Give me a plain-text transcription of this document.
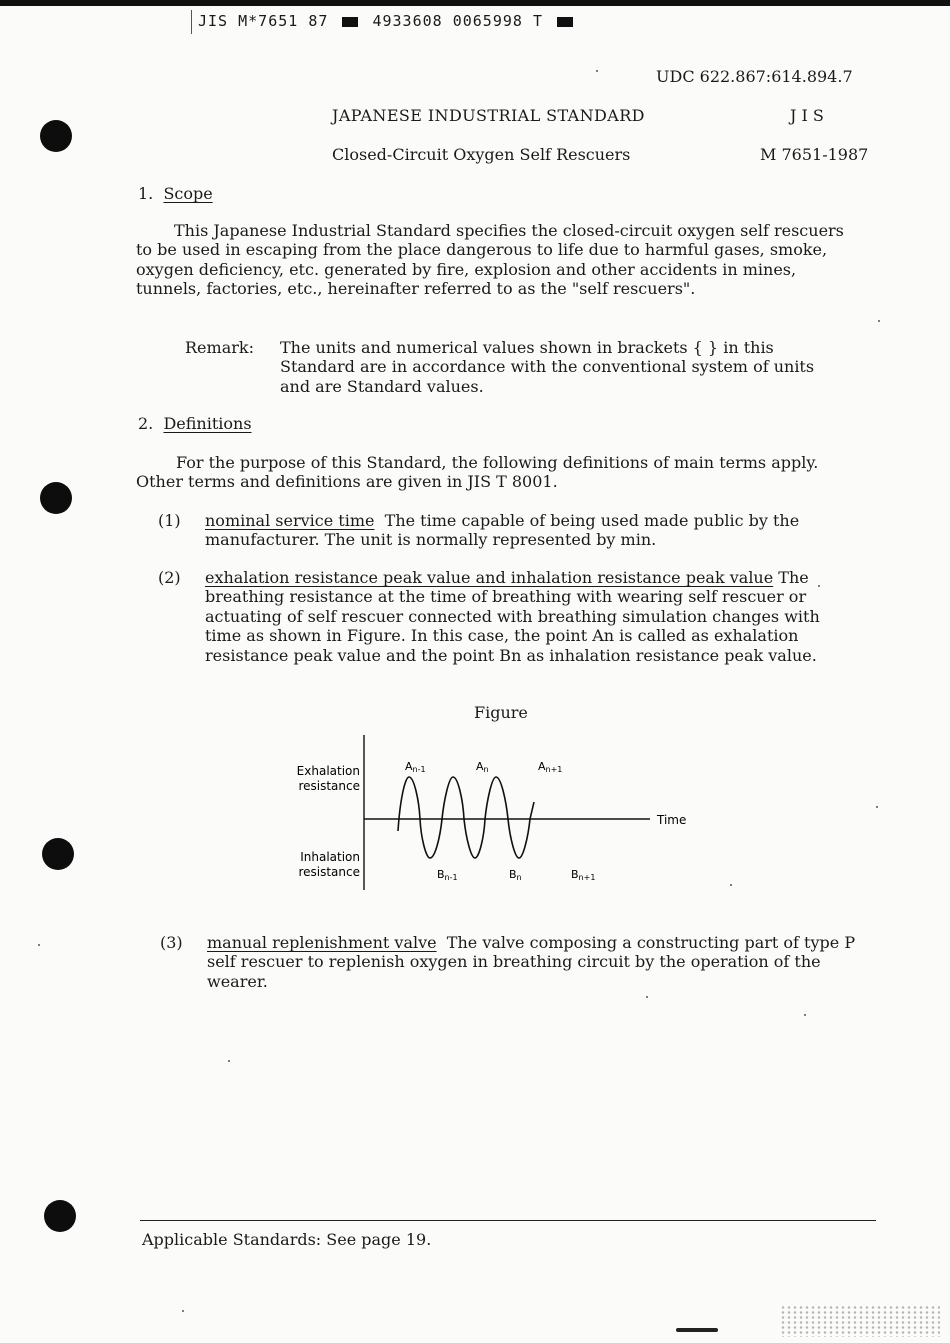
JIS M*7651 87	4933608 0065998 T
UDC 622.867:614.894.7
JAPANESE INDUSTRIAL STANDARD	J I S
Closed-Circuit Oxygen Self Rescuers	M 7651-1987
1. Scope

This Japanese Industrial Standard specifies the closed-circuit oxygen self rescuers to be used in escaping from the place dangerous to life due to harmful gases, smoke, oxygen deficiency, etc. generated by fire, explosion and other accidents in mines, tunnels, factories, etc., hereinafter referred to as the "self rescuers".

Remark: The units and numerical values shown in brackets { } in this Standard are in accordance with the conventional system of units and are Standard values.

2. Definitions

For the purpose of this Standard, the following definitions of main terms apply. Other terms and definitions are given in JIS T 8001.

(1) nominal service time The time capable of being used made public by the manufacturer. The unit is normally represented by min.

(2) exhalation resistance peak value and inhalation resistance peak value The breathing resistance at the time of breathing with wearing self rescuer or actuating of self rescuer connected with breathing simulation changes with time as shown in Figure. In this case, the point An is called as exhalation resistance peak value and the point Bn as inhalation resistance peak value.

Figure
Exhalation
resistance
Inhalation
resistance
Time
An-1	An	An+1
Bn-1	Bn	Bn+1
(3) manual replenishment valve The valve composing a constructing part of type P self rescuer to replenish oxygen in breathing circuit by the operation of the wearer.

Applicable Standards: See page 19.
